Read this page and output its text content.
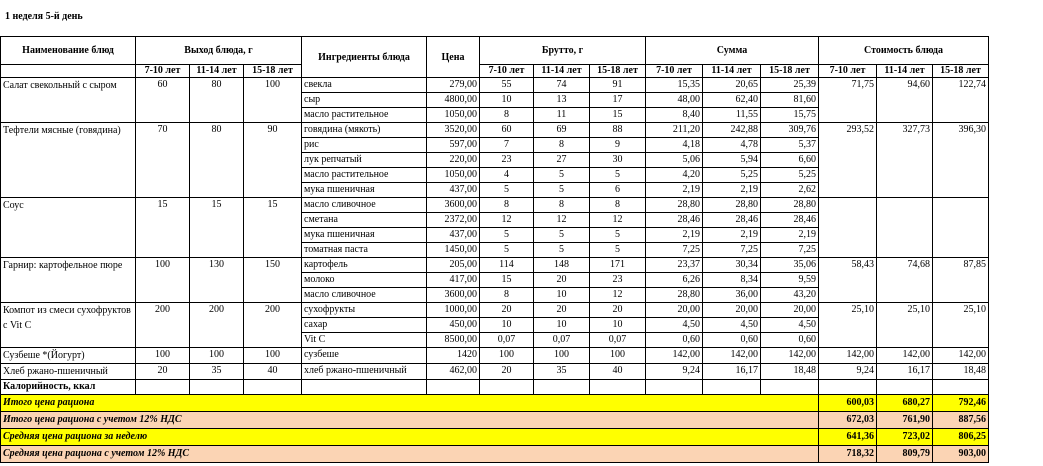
1 неделя 5-й день
Наименование блюд	Выход блюда, г			Ингредиенты блюда	Цена	Брутто, г			Сумма			Стоимость блюда		
	7-10 лет	11-14 лет	15-18 лет			7-10 лет	11-14 лет	15-18 лет	7-10 лет	11-14 лет	15-18 лет	7-10 лет	11-14 лет	15-18 лет
Салат свекольный с сыром	60	80	100	свекла	279,00	55	74	91	15,35	20,65	25,39	71,75	94,60	122,74
				сыр	4800,00	10	13	17	48,00	62,40	81,60			
				масло растительное	1050,00	8	11	15	8,40	11,55	15,75			
Тефтели мясные (говядина)	70	80	90	говядина (мякоть)	3520,00	60	69	88	211,20	242,88	309,76	293,52	327,73	396,30
				рис	597,00	7	8	9	4,18	4,78	5,37			
				лук репчатый	220,00	23	27	30	5,06	5,94	6,60			
				масло растительное	1050,00	4	5	5	4,20	5,25	5,25			
				мука пшеничная	437,00	5	5	6	2,19	2,19	2,62			
Соус	15	15	15	масло сливочное	3600,00	8	8	8	28,80	28,80	28,80			
				сметана	2372,00	12	12	12	28,46	28,46	28,46			
				мука пшеничная	437,00	5	5	5	2,19	2,19	2,19			
				томатная паста	1450,00	5	5	5	7,25	7,25	7,25			
Гарнир: картофельное пюре	100	130	150	картофель	205,00	114	148	171	23,37	30,34	35,06	58,43	74,68	87,85
				молоко	417,00	15	20	23	6,26	8,34	9,59			
				масло сливочное	3600,00	8	10	12	28,80	36,00	43,20			
Компот из смеси сухофруктов с Vit C	200	200	200	сухофрукты	1000,00	20	20	20	20,00	20,00	20,00	25,10	25,10	25,10
				сахар	450,00	10	10	10	4,50	4,50	4,50			
				Vit C	8500,00	0,07	0,07	0,07	0,60	0,60	0,60			
Сузбеше *(Йогурт)	100	100	100	сузбеше	1420	100	100	100	142,00	142,00	142,00	142,00	142,00	142,00
Хлеб ржано-пшеничный	20	35	40	хлеб ржано-пшеничный	462,00	20	35	40	9,24	16,17	18,48	9,24	16,17	18,48
Калорийность, ккал														
Итого цена рациона												600,03	680,27	792,46
Итого цена рациона с учетом 12% НДС												672,03	761,90	887,56
Средняя цена рациона за неделю												641,36	723,02	806,25
Средняя цена рациона с учетом 12% НДС												718,32	809,79	903,00
